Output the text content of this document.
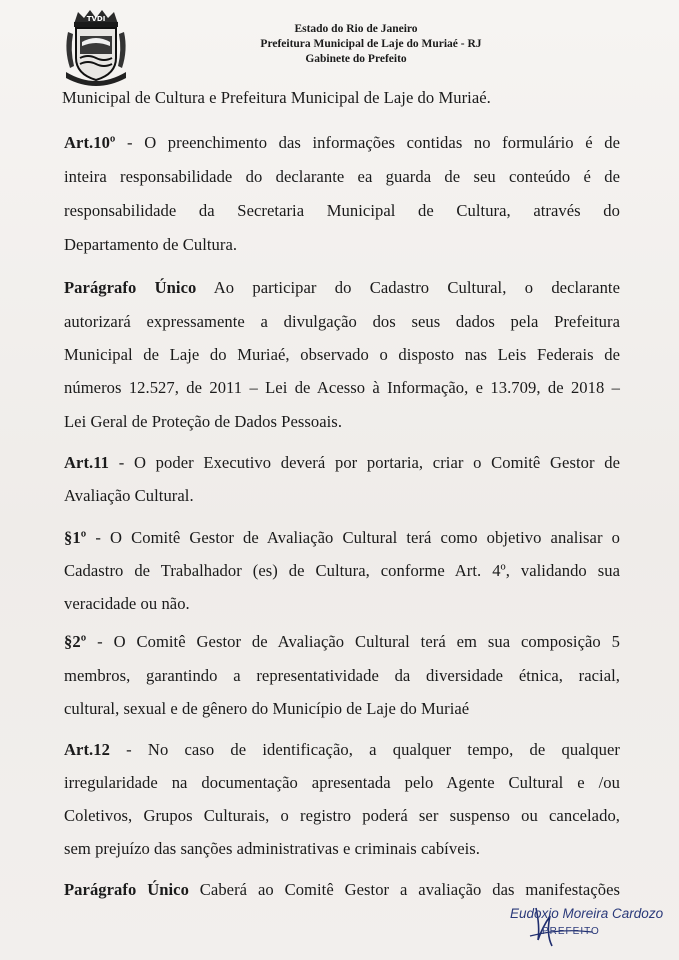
TVDI
Estado do Rio de Janeiro
Prefeitura Municipal de Laje do Muriaé - RJ
Gabinete do Prefeito
Municipal de Cultura e Prefeitura Municipal de Laje do Muriaé.
Art.10º - O preenchimento das informações contidas no formulário é de
inteira responsabilidade do declarante ea guarda de seu conteúdo é de
responsabilidade da Secretaria Municipal de Cultura, através do
Departamento de Cultura.
Parágrafo Único Ao participar do Cadastro Cultural, o declarante
autorizará expressamente a divulgação dos seus dados pela Prefeitura
Municipal de Laje do Muriaé, observado o disposto nas Leis Federais de
números 12.527, de 2011 – Lei de Acesso à Informação, e 13.709, de 2018 –
Lei Geral de Proteção de Dados Pessoais.
Art.11 - O poder Executivo deverá por portaria, criar o Comitê Gestor de
Avaliação Cultural.
§1º - O Comitê Gestor de Avaliação Cultural terá como objetivo analisar o
Cadastro de Trabalhador (es) de Cultura, conforme Art. 4º, validando sua
veracidade ou não.
§2º - O Comitê Gestor de Avaliação Cultural terá em sua composição 5
membros, garantindo a representatividade da diversidade étnica, racial,
cultural, sexual e de gênero do Município de Laje do Muriaé
Art.12 - No caso de identificação, a qualquer tempo, de qualquer
irregularidade na documentação apresentada pelo Agente Cultural e /ou
Coletivos, Grupos Culturais, o registro poderá ser suspenso ou cancelado,
sem prejuízo das sanções administrativas e criminais cabíveis.
Parágrafo Único Caberá ao Comitê Gestor a avaliação das manifestações
Eudoxio Moreira Cardozo
PREFEITO
